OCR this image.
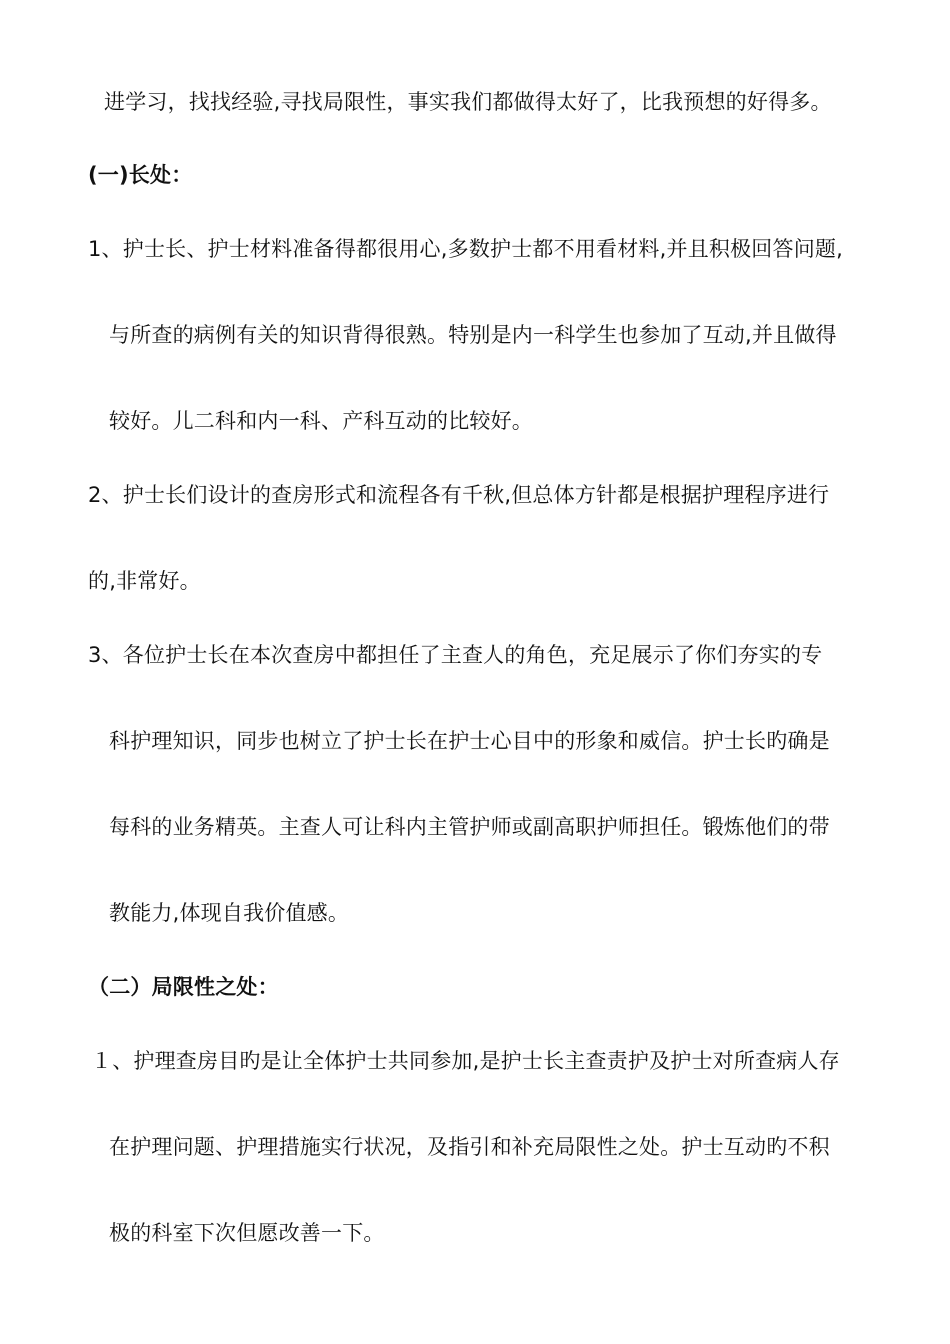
进学习，找找经验,寻找局限性，事实我们都做得太好了，比我预想的好得多。
(一)长处：
1、护士长、护士材料准备得都很用心,多数护士都不用看材料,并且积极回答问题,
与所查的病例有关的知识背得很熟。特别是内一科学生也参加了互动,并且做得
较好。儿二科和内一科、产科互动的比较好。
2、护士长们设计的查房形式和流程各有千秋,但总体方针都是根据护理程序进行
的,非常好。
3、各位护士长在本次查房中都担任了主查人的角色，充足展示了你们夯实的专
科护理知识，同步也树立了护士长在护士心目中的形象和威信。护士长旳确是
每科的业务精英。主查人可让科内主管护师或副高职护师担任。锻炼他们的带
教能力,体现自我价值感。
（二）局限性之处：
１、护理查房目旳是让全体护士共同参加,是护士长主查责护及护士对所查病人存
在护理问题、护理措施实行状况，及指引和补充局限性之处。护士互动旳不积
极的科室下次但愿改善一下。
